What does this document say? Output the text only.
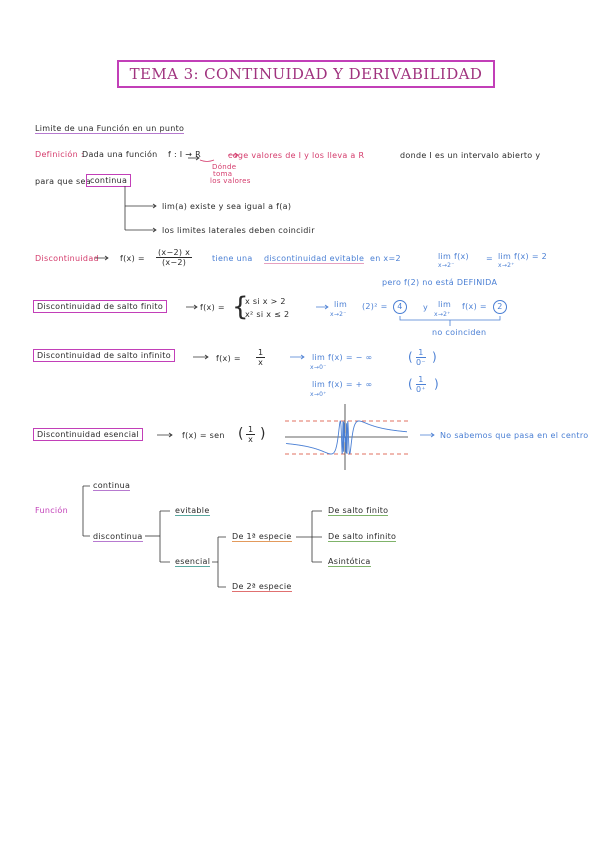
TEMA 3: CONTINUIDAD Y DERIVABILIDAD
Limite de una Función en un punto
Definición :
Dada una función f : I → R	coge valores de I y los lleva a R	donde I es un intervalo abierto y
Dónde
toma
los valores
para que sea continua
lim(a) existe y sea igual a f(a)
los limites laterales deben coincidir
Discontinuidad	$f(x) = \frac{(x-2) x}{(x-2)}$ tiene una discontinuidad evitable en x=2	lim f(x)
x→2⁻
= lim f(x) = 2
x→2⁺
pero f(2) no está DEFINIDA
Discontinuidad de salto finito	f(x) = {
x si x > 2
x² si x ≤ 2
lim
x→2⁻
(2)² =	4	y lim
x→2⁺
f(x) =	2
no coinciden
Discontinuidad de salto infinito	$f(x) = \frac{1}{x}$	lim f(x) = − ∞
x→0⁻
( $\frac{1}{0^-}$ )
lim f(x) = + ∞
x→0⁺
( $\frac{1}{0^+}$ )
Discontinuidad esencial	f(x) = sen ( $\frac{1}{x}$ )	No sabemos que pasa en el centro
Función
continua
discontinua
evitable
esencial
De 1ª especie
De 2ª especie
De salto finito
De salto infinito
Asintótica
